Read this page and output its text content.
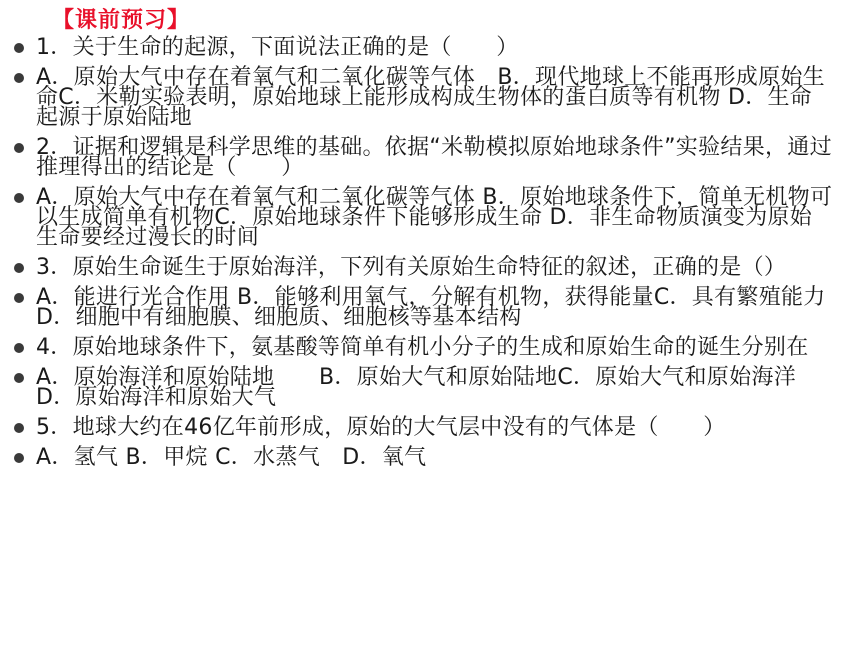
【课前预习】
1．关于生命的起源，下面说法正确的是（　　）
A．原始大气中存在着氧气和二氧化碳等气体　B．现代地球上不能再形成原始生命C．米勒实验表明，原始地球上能形成构成生物体的蛋白质等有机物 D．生命起源于原始陆地
2．证据和逻辑是科学思维的基础。依据“米勒模拟原始地球条件”实验结果，通过推理得出的结论是（　　）
A．原始大气中存在着氧气和二氧化碳等气体 B．原始地球条件下，简单无机物可以生成简单有机物C．原始地球条件下能够形成生命 D．非生命物质演变为原始生命要经过漫长的时间
3．原始生命诞生于原始海洋，下列有关原始生命特征的叙述，正确的是（）
A．能进行光合作用 B．能够利用氧气，分解有机物，获得能量C．具有繁殖能力 D．细胞中有细胞膜、细胞质、细胞核等基本结构
4．原始地球条件下，氨基酸等简单有机小分子的生成和原始生命的诞生分别在
A．原始海洋和原始陆地　　B．原始大气和原始陆地C．原始大气和原始海洋D．原始海洋和原始大气
5．地球大约在46亿年前形成，原始的大气层中没有的气体是（　　）
A．氢气 B．甲烷 C．水蒸气　D．氧气
